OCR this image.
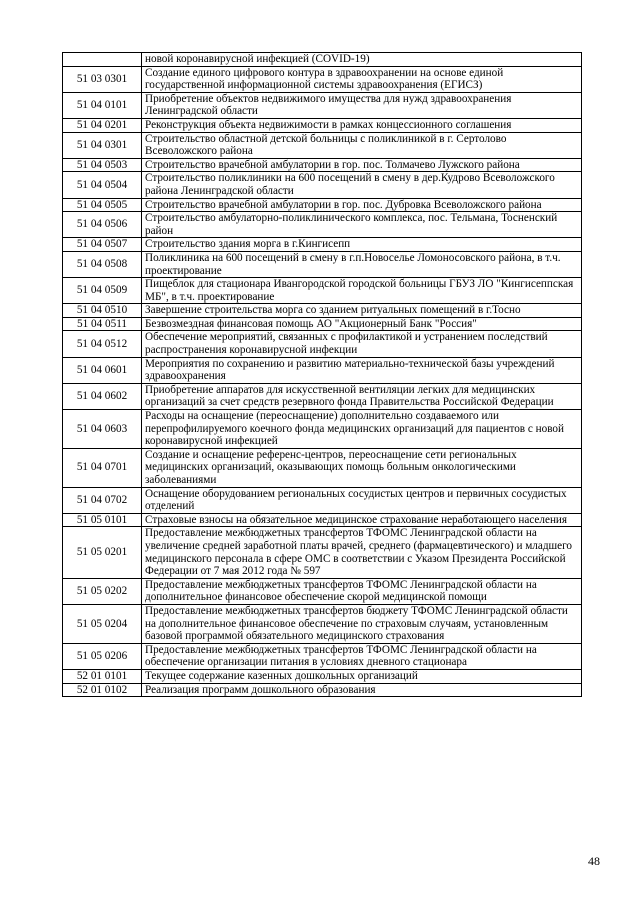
	новой коронавирусной инфекцией (COVID-19)
51 03 0301	Создание единого цифрового контура в здравоохранении на основе единой государственной информационной системы здравоохранения (ЕГИСЗ)
51 04 0101	Приобретение объектов недвижимого имущества для нужд здравоохранения Ленинградской области
51 04 0201	Реконструкция объекта недвижимости в рамках концессионного соглашения
51 04 0301	Строительство областной детской больницы с поликлиникой в г. Сертолово Всеволожского района
51 04 0503	Строительство врачебной амбулатории в гор. пос. Толмачево Лужского района
51 04 0504	Строительство поликлиники на 600 посещений в смену в дер.Кудрово Всеволожского района Ленинградской области
51 04 0505	Строительство врачебной амбулатории в гор. пос. Дубровка Всеволожского района
51 04 0506	Строительство амбулаторно-поликлинического комплекса, пос. Тельмана, Тосненский район
51 04 0507	Строительство здания морга в г.Кингисепп
51 04 0508	Поликлиника на 600 посещений в смену в г.п.Новоселье Ломоносовского района, в т.ч. проектирование
51 04 0509	Пищеблок для стационара Ивангородской городской больницы ГБУЗ ЛО "Кингисеппская МБ", в т.ч. проектирование
51 04 0510	Завершение строительства морга со зданием ритуальных помещений в г.Тосно
51 04 0511	Безвозмездная финансовая помощь АО "Акционерный Банк "Россия"
51 04 0512	Обеспечение мероприятий, связанных с профилактикой и устранением последствий распространения коронавирусной инфекции
51 04 0601	Мероприятия по сохранению и развитию материально-технической базы учреждений здравоохранения
51 04 0602	Приобретение аппаратов для искусственной вентиляции легких для медицинских организаций за счет средств резервного фонда Правительства Российской Федерации
51 04 0603	Расходы на оснащение (переоснащение) дополнительно создаваемого или перепрофилируемого коечного фонда медицинских организаций для пациентов с новой коронавирусной инфекцией
51 04 0701	Создание и оснащение референс-центров, переоснащение сети региональных медицинских организаций, оказывающих помощь больным онкологическими заболеваниями
51 04 0702	Оснащение оборудованием региональных сосудистых центров и первичных сосудистых отделений
51 05 0101	Страховые взносы на обязательное медицинское страхование неработающего населения
51 05 0201	Предоставление межбюджетных трансфертов ТФОМС Ленинградской области на увеличение средней заработной платы врачей, среднего (фармацевтического) и младшего медицинского персонала в сфере ОМС в соответствии с Указом Президента Российской Федерации от 7 мая 2012 года № 597
51 05 0202	Предоставление межбюджетных трансфертов ТФОМС Ленинградской области на дополнительное финансовое обеспечение скорой медицинской помощи
51 05 0204	Предоставление межбюджетных трансфертов бюджету ТФОМС Ленинградской области на дополнительное финансовое обеспечение по страховым случаям, установленным базовой программой обязательного медицинского страхования
51 05 0206	Предоставление межбюджетных трансфертов ТФОМС Ленинградской области на обеспечение организации питания в условиях дневного стационара
52 01 0101	Текущее содержание казенных дошкольных организаций
52 01 0102	Реализация программ дошкольного образования
48
